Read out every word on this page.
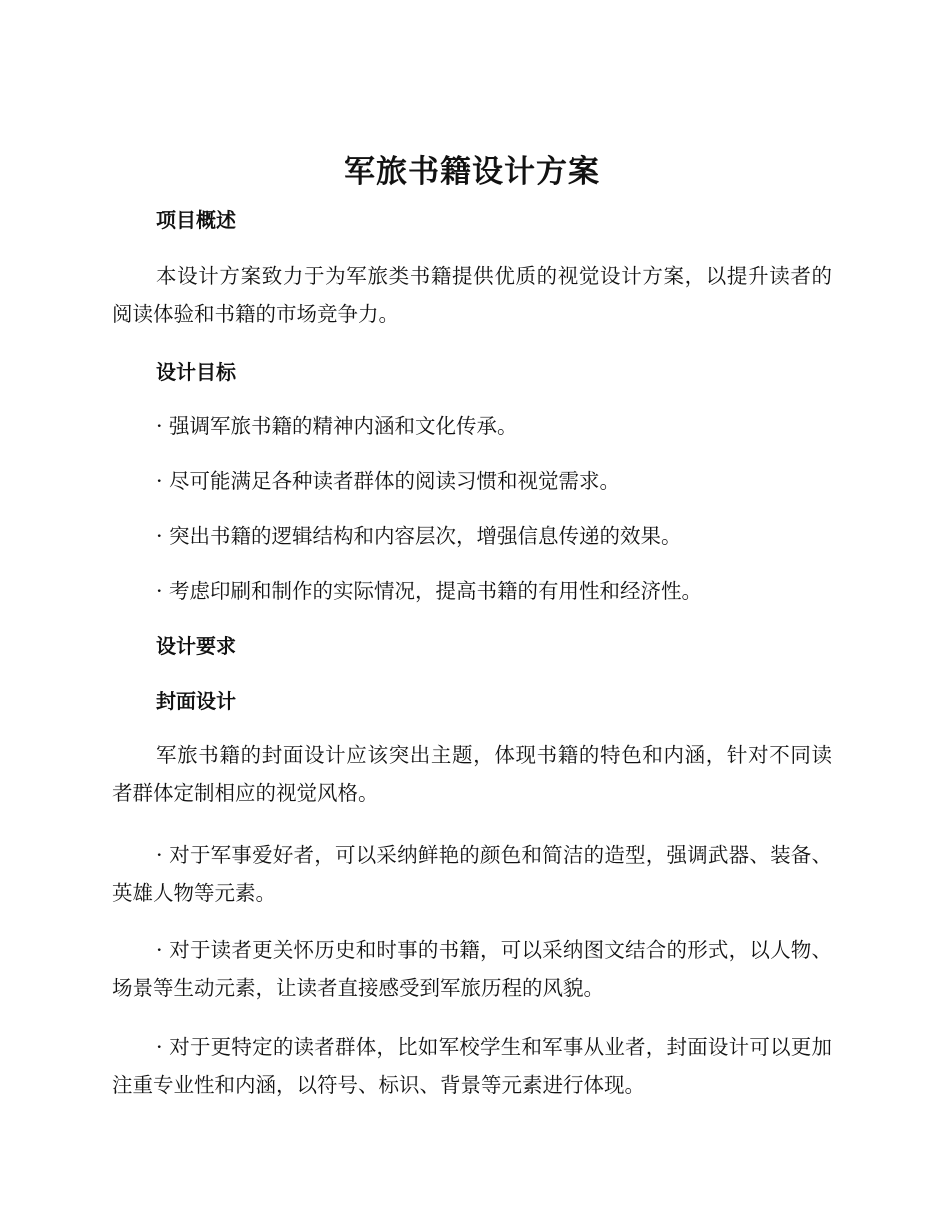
军旅书籍设计方案
项目概述

本设计方案致力于为军旅类书籍提供优质的视觉设计方案，以提升读者的阅读体验和书籍的市场竞争力。

设计目标

· 强调军旅书籍的精神内涵和文化传承。

· 尽可能满足各种读者群体的阅读习惯和视觉需求。

· 突出书籍的逻辑结构和内容层次，增强信息传递的效果。

· 考虑印刷和制作的实际情况，提高书籍的有用性和经济性。

设计要求
封面设计

军旅书籍的封面设计应该突出主题，体现书籍的特色和内涵，针对不同读者群体定制相应的视觉风格。

· 对于军事爱好者，可以采纳鲜艳的颜色和简洁的造型，强调武器、装备、英雄人物等元素。

· 对于读者更关怀历史和时事的书籍，可以采纳图文结合的形式，以人物、场景等生动元素，让读者直接感受到军旅历程的风貌。

· 对于更特定的读者群体，比如军校学生和军事从业者，封面设计可以更加注重专业性和内涵，以符号、标识、背景等元素进行体现。
